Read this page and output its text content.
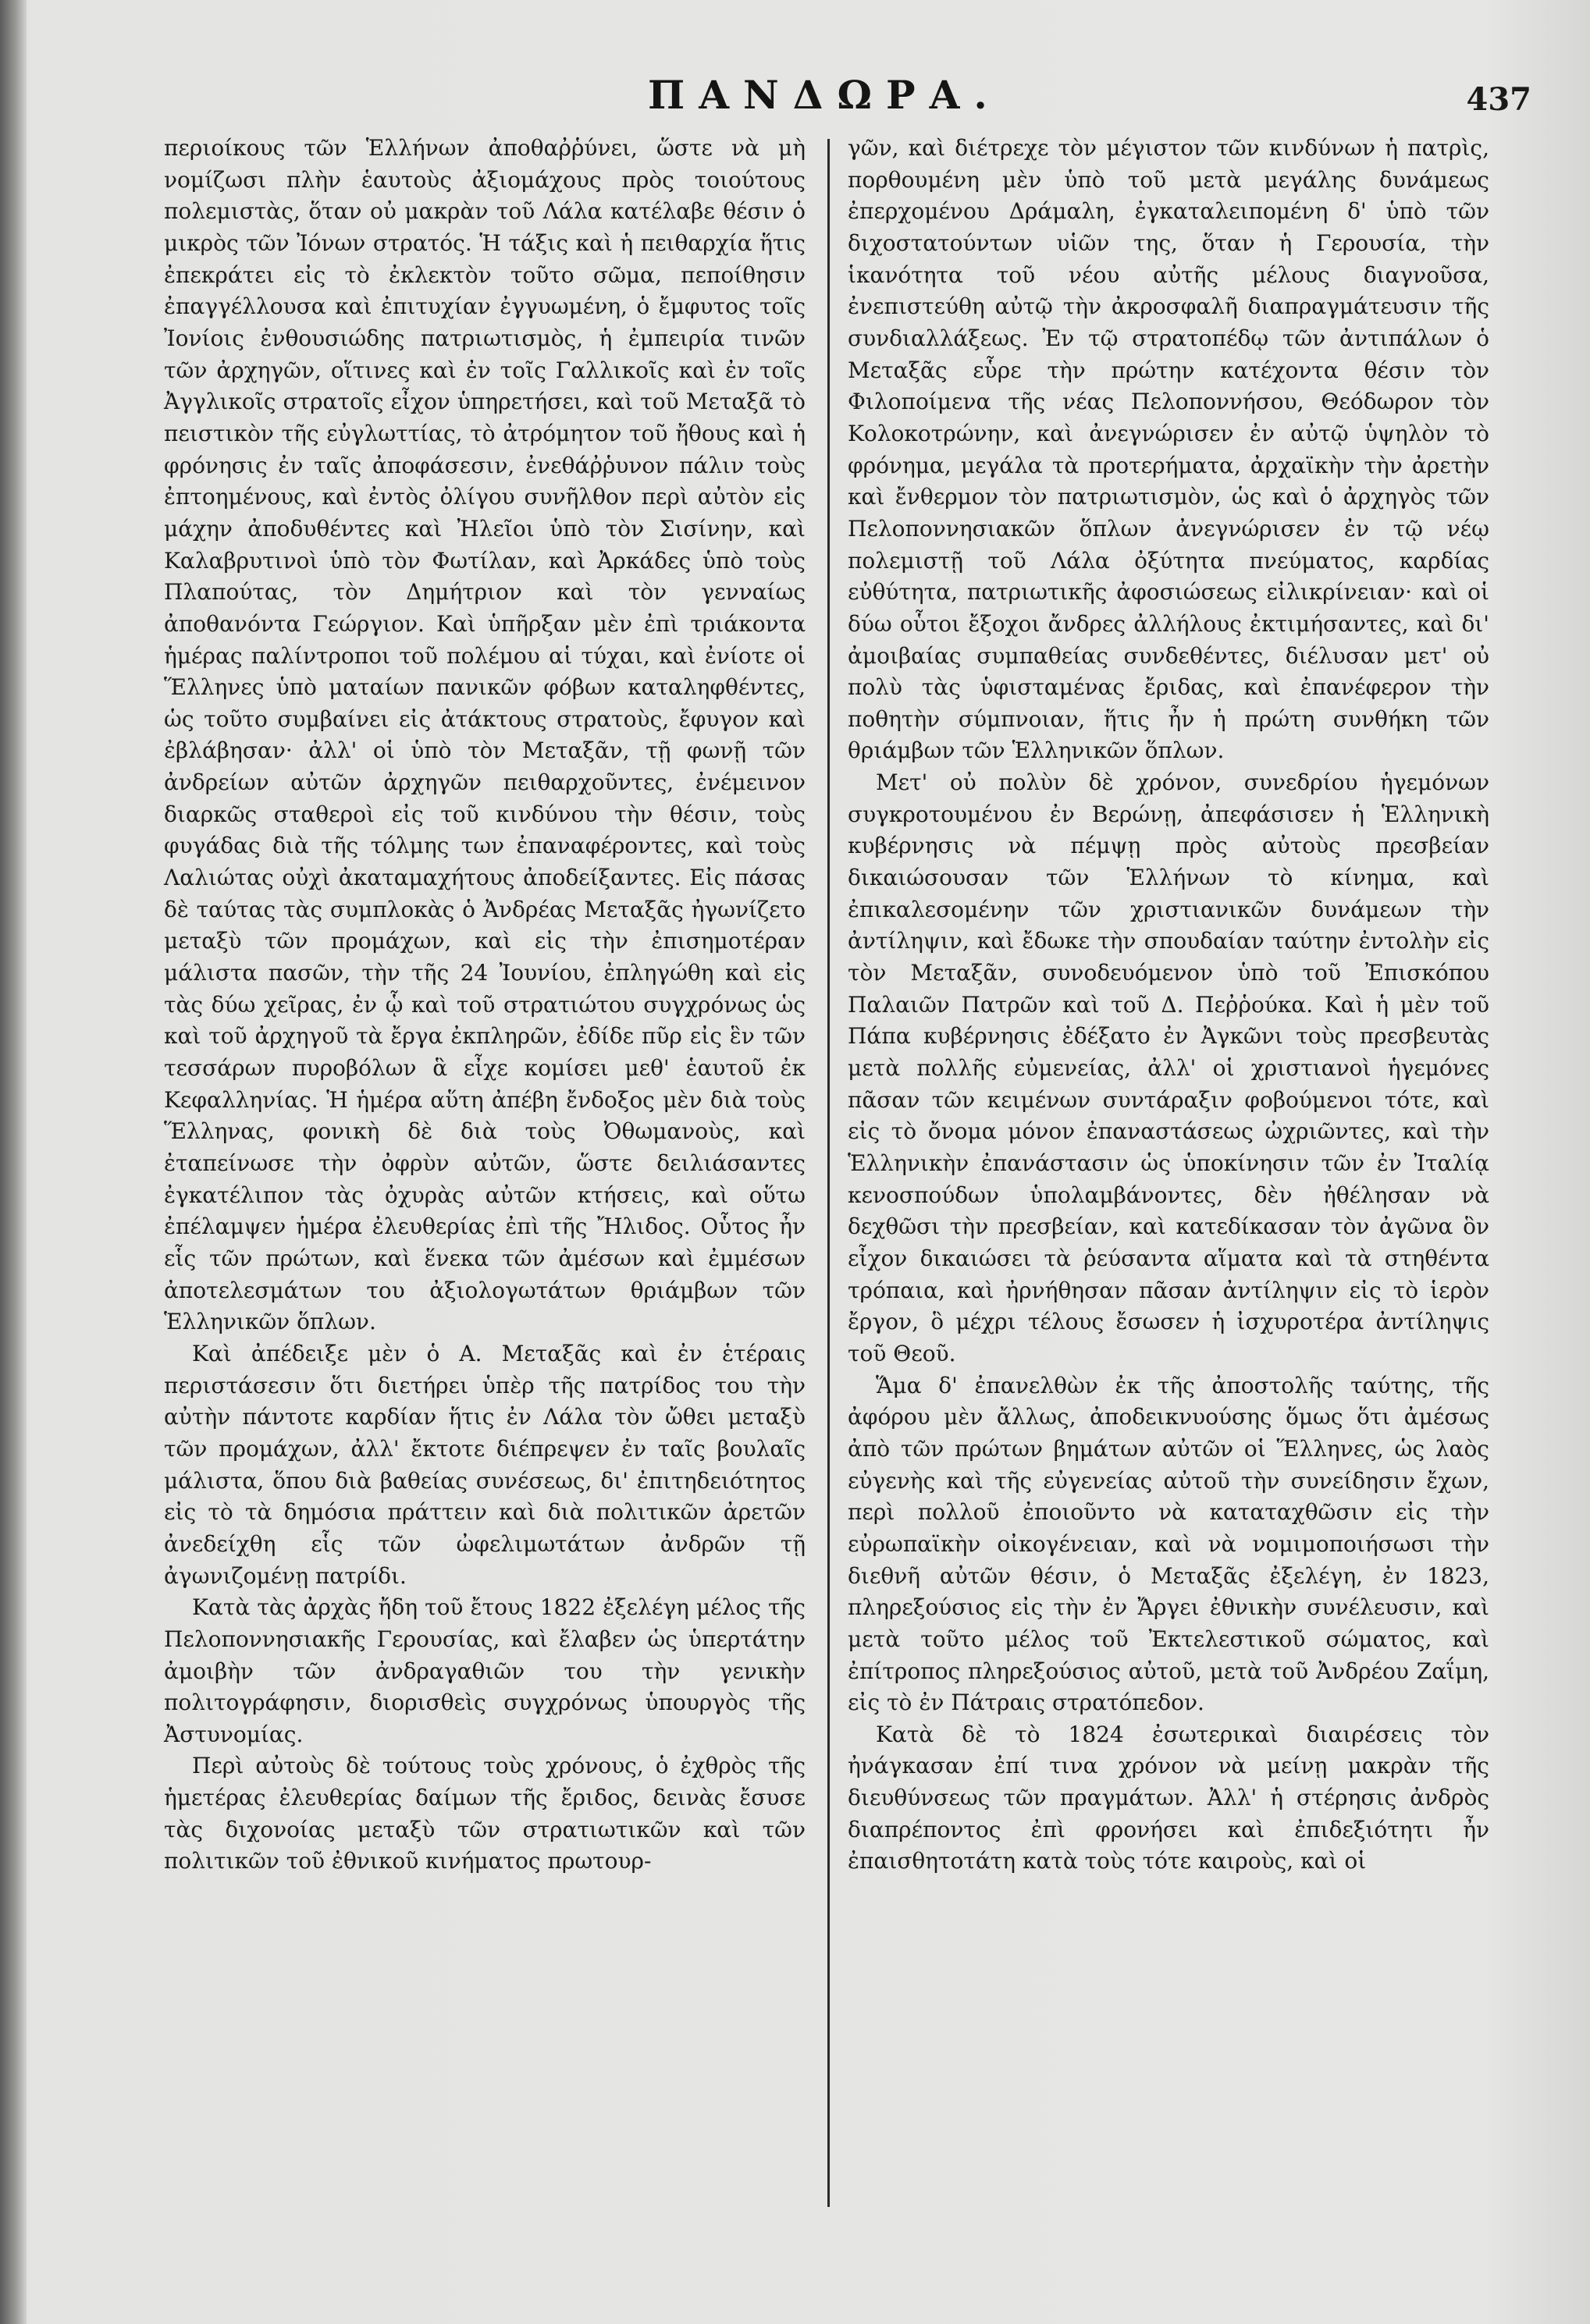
ΠΑΝΔΩΡΑ.	437

περιοίκους τῶν Ἑλλήνων ἀποθαῤῥύνει, ὥστε νὰ μὴ νομίζωσι πλὴν ἑαυτοὺς ἀξιομάχους πρὸς τοιούτους πολεμιστὰς, ὅταν οὐ μακρὰν τοῦ Λάλα κατέλαβε θέσιν ὁ μικρὸς τῶν Ἰόνων στρατός. Ἡ τάξις καὶ ἡ πειθαρχία ἥτις ἐπεκράτει εἰς τὸ ἐκλεκτὸν τοῦτο σῶμα, πεποίθησιν ἐπαγγέλλουσα καὶ ἐπιτυχίαν ἐγγυωμένη, ὁ ἔμφυτος τοῖς Ἰονίοις ἐνθουσιώδης πατριωτισμὸς, ἡ ἐμπειρία τινῶν τῶν ἀρχηγῶν, οἵτινες καὶ ἐν τοῖς Γαλλικοῖς καὶ ἐν τοῖς Ἀγγλικοῖς στρατοῖς εἶχον ὑπηρετήσει, καὶ τοῦ Μεταξᾶ τὸ πειστικὸν τῆς εὐγλωττίας, τὸ ἀτρόμητον τοῦ ἤθους καὶ ἡ φρόνησις ἐν ταῖς ἀποφάσεσιν, ἐνεθάῤῥυνον πάλιν τοὺς ἐπτοημένους, καὶ ἐντὸς ὀλίγου συνῆλθον περὶ αὐτὸν εἰς μάχην ἀποδυθέντες καὶ Ἠλεῖοι ὑπὸ τὸν Σισίνην, καὶ Καλαβρυτινοὶ ὑπὸ τὸν Φωτίλαν, καὶ Ἀρκάδες ὑπὸ τοὺς Πλαπούτας, τὸν Δημήτριον καὶ τὸν γενναίως ἀποθανόντα Γεώργιον. Καὶ ὑπῆρξαν μὲν ἐπὶ τριάκοντα ἡμέρας παλίντροποι τοῦ πολέμου αἱ τύχαι, καὶ ἐνίοτε οἱ Ἕλληνες ὑπὸ ματαίων πανικῶν φόβων καταληφθέντες, ὡς τοῦτο συμβαίνει εἰς ἀτάκτους στρατοὺς, ἔφυγον καὶ ἐβλάβησαν· ἀλλ' οἱ ὑπὸ τὸν Μεταξᾶν, τῇ φωνῇ τῶν ἀνδρείων αὐτῶν ἀρχηγῶν πειθαρχοῦντες, ἐνέμεινον διαρκῶς σταθεροὶ εἰς τοῦ κινδύνου τὴν θέσιν, τοὺς φυγάδας διὰ τῆς τόλμης των ἐπαναφέροντες, καὶ τοὺς Λαλιώτας οὐχὶ ἀκαταμαχήτους ἀποδείξαντες. Εἰς πάσας δὲ ταύτας τὰς συμπλοκὰς ὁ Ἀνδρέας Μεταξᾶς ἠγωνίζετο μεταξὺ τῶν προμάχων, καὶ εἰς τὴν ἐπισημοτέραν μάλιστα πασῶν, τὴν τῆς 24 Ἰουνίου, ἐπληγώθη καὶ εἰς τὰς δύω χεῖρας, ἐν ᾧ καὶ τοῦ στρατιώτου συγχρόνως ὡς καὶ τοῦ ἀρχηγοῦ τὰ ἔργα ἐκπληρῶν, ἐδίδε πῦρ εἰς ἓν τῶν τεσσάρων πυροβόλων ἃ εἶχε κομίσει μεθ' ἑαυτοῦ ἐκ Κεφαλληνίας. Ἡ ἡμέρα αὕτη ἀπέβη ἔνδοξος μὲν διὰ τοὺς Ἕλληνας, φονικὴ δὲ διὰ τοὺς Ὀθωμανοὺς, καὶ ἐταπείνωσε τὴν ὀφρὺν αὐτῶν, ὥστε δειλιάσαντες ἐγκατέλιπον τὰς ὀχυρὰς αὐτῶν κτήσεις, καὶ οὕτω ἐπέλαμψεν ἡμέρα ἐλευθερίας ἐπὶ τῆς Ἤλιδος. Οὗτος ἦν εἷς τῶν πρώτων, καὶ ἕνεκα τῶν ἀμέσων καὶ ἐμμέσων ἀποτελεσμάτων του ἀξιολογωτάτων θριάμβων τῶν Ἑλληνικῶν ὅπλων.

Καὶ ἀπέδειξε μὲν ὁ Α. Μεταξᾶς καὶ ἐν ἑτέραις περιστάσεσιν ὅτι διετήρει ὑπὲρ τῆς πατρίδος του τὴν αὐτὴν πάντοτε καρδίαν ἥτις ἐν Λάλα τὸν ὤθει μεταξὺ τῶν προμάχων, ἀλλ' ἔκτοτε διέπρεψεν ἐν ταῖς βουλαῖς μάλιστα, ὅπου διὰ βαθείας συνέσεως, δι' ἐπιτηδειότητος εἰς τὸ τὰ δημόσια πράττειν καὶ διὰ πολιτικῶν ἀρετῶν ἀνεδείχθη εἷς τῶν ὠφελιμωτάτων ἀνδρῶν τῇ ἀγωνιζομένῃ πατρίδι.

Κατὰ τὰς ἀρχὰς ἤδη τοῦ ἔτους 1822 ἐξελέγη μέλος τῆς Πελοποννησιακῆς Γερουσίας, καὶ ἔλαβεν ὡς ὑπερτάτην ἀμοιβὴν τῶν ἀνδραγαθιῶν του τὴν γενικὴν πολιτογράφησιν, διορισθεὶς συγχρόνως ὑπουργὸς τῆς Ἀστυνομίας.

Περὶ αὐτοὺς δὲ τούτους τοὺς χρόνους, ὁ ἐχθρὸς τῆς ἡμετέρας ἐλευθερίας δαίμων τῆς ἔριδος, δεινὰς ἔσυσε τὰς διχονοίας μεταξὺ τῶν στρατιωτικῶν καὶ τῶν πολιτικῶν τοῦ ἐθνικοῦ κινήματος πρωτουρ-

γῶν, καὶ διέτρεχε τὸν μέγιστον τῶν κινδύνων ἡ πατρὶς, πορθουμένη μὲν ὑπὸ τοῦ μετὰ μεγάλης δυνάμεως ἐπερχομένου Δράμαλη, ἐγκαταλειπομένη δ' ὑπὸ τῶν διχοστατούντων υἱῶν της, ὅταν ἡ Γερουσία, τὴν ἱκανότητα τοῦ νέου αὐτῆς μέλους διαγνοῦσα, ἐνεπιστεύθη αὐτῷ τὴν ἀκροσφαλῆ διαπραγμάτευσιν τῆς συνδιαλλάξεως. Ἐν τῷ στρατοπέδῳ τῶν ἀντιπάλων ὁ Μεταξᾶς εὗρε τὴν πρώτην κατέχοντα θέσιν τὸν Φιλοποίμενα τῆς νέας Πελοποννήσου, Θεόδωρον τὸν Κολοκοτρώνην, καὶ ἀνεγνώρισεν ἐν αὐτῷ ὑψηλὸν τὸ φρόνημα, μεγάλα τὰ προτερήματα, ἀρχαϊκὴν τὴν ἀρετὴν καὶ ἔνθερμον τὸν πατριωτισμὸν, ὡς καὶ ὁ ἀρχηγὸς τῶν Πελοποννησιακῶν ὅπλων ἀνεγνώρισεν ἐν τῷ νέῳ πολεμιστῇ τοῦ Λάλα ὀξύτητα πνεύματος, καρδίας εὐθύτητα, πατριωτικῆς ἀφοσιώσεως εἰλικρίνειαν· καὶ οἱ δύω οὗτοι ἔξοχοι ἄνδρες ἀλλήλους ἐκτιμήσαντες, καὶ δι' ἀμοιβαίας συμπαθείας συνδεθέντες, διέλυσαν μετ' οὐ πολὺ τὰς ὑφισταμένας ἔριδας, καὶ ἐπανέφερον τὴν ποθητὴν σύμπνοιαν, ἥτις ἦν ἡ πρώτη συνθήκη τῶν θριάμβων τῶν Ἑλληνικῶν ὅπλων.

Μετ' οὐ πολὺν δὲ χρόνον, συνεδρίου ἡγεμόνων συγκροτουμένου ἐν Βερώνῃ, ἀπεφάσισεν ἡ Ἑλληνικὴ κυβέρνησις νὰ πέμψῃ πρὸς αὐτοὺς πρεσβείαν δικαιώσουσαν τῶν Ἑλλήνων τὸ κίνημα, καὶ ἐπικαλεσομένην τῶν χριστιανικῶν δυνάμεων τὴν ἀντίληψιν, καὶ ἔδωκε τὴν σπουδαίαν ταύτην ἐντολὴν εἰς τὸν Μεταξᾶν, συνοδευόμενον ὑπὸ τοῦ Ἐπισκόπου Παλαιῶν Πατρῶν καὶ τοῦ Δ. Πεῤῥούκα. Καὶ ἡ μὲν τοῦ Πάπα κυβέρνησις ἐδέξατο ἐν Ἀγκῶνι τοὺς πρεσβευτὰς μετὰ πολλῆς εὐμενείας, ἀλλ' οἱ χριστιανοὶ ἡγεμόνες πᾶσαν τῶν κειμένων συντάραξιν φοβούμενοι τότε, καὶ εἰς τὸ ὄνομα μόνον ἐπαναστάσεως ὠχριῶντες, καὶ τὴν Ἑλληνικὴν ἐπανάστασιν ὡς ὑποκίνησιν τῶν ἐν Ἰταλίᾳ κενοσπούδων ὑπολαμβάνοντες, δὲν ἠθέλησαν νὰ δεχθῶσι τὴν πρεσβείαν, καὶ κατεδίκασαν τὸν ἀγῶνα ὃν εἶχον δικαιώσει τὰ ῥεύσαντα αἵματα καὶ τὰ στηθέντα τρόπαια, καὶ ἠρνήθησαν πᾶσαν ἀντίληψιν εἰς τὸ ἱερὸν ἔργον, ὃ μέχρι τέλους ἔσωσεν ἡ ἰσχυροτέρα ἀντίληψις τοῦ Θεοῦ.

Ἅμα δ' ἐπανελθὼν ἐκ τῆς ἀποστολῆς ταύτης, τῆς ἀφόρου μὲν ἄλλως, ἀποδεικνυούσης ὅμως ὅτι ἀμέσως ἀπὸ τῶν πρώτων βημάτων αὐτῶν οἱ Ἕλληνες, ὡς λαὸς εὐγενὴς καὶ τῆς εὐγενείας αὐτοῦ τὴν συνείδησιν ἔχων, περὶ πολλοῦ ἐποιοῦντο νὰ καταταχθῶσιν εἰς τὴν εὐρωπαϊκὴν οἰκογένειαν, καὶ νὰ νομιμοποιήσωσι τὴν διεθνῆ αὐτῶν θέσιν, ὁ Μεταξᾶς ἐξελέγη, ἐν 1823, πληρεξούσιος εἰς τὴν ἐν Ἄργει ἐθνικὴν συνέλευσιν, καὶ μετὰ τοῦτο μέλος τοῦ Ἐκτελεστικοῦ σώματος, καὶ ἐπίτροπος πληρεξούσιος αὐτοῦ, μετὰ τοῦ Ἀνδρέου Ζαΐμη, εἰς τὸ ἐν Πάτραις στρατόπεδον.

Κατὰ δὲ τὸ 1824 ἐσωτερικαὶ διαιρέσεις τὸν ἠνάγκασαν ἐπί τινα χρόνον νὰ μείνῃ μακρὰν τῆς διευθύνσεως τῶν πραγμάτων. Ἀλλ' ἡ στέρησις ἀνδρὸς διαπρέποντος ἐπὶ φρονήσει καὶ ἐπιδεξιότητι ἦν ἐπαισθητοτάτη κατὰ τοὺς τότε καιροὺς, καὶ οἱ
